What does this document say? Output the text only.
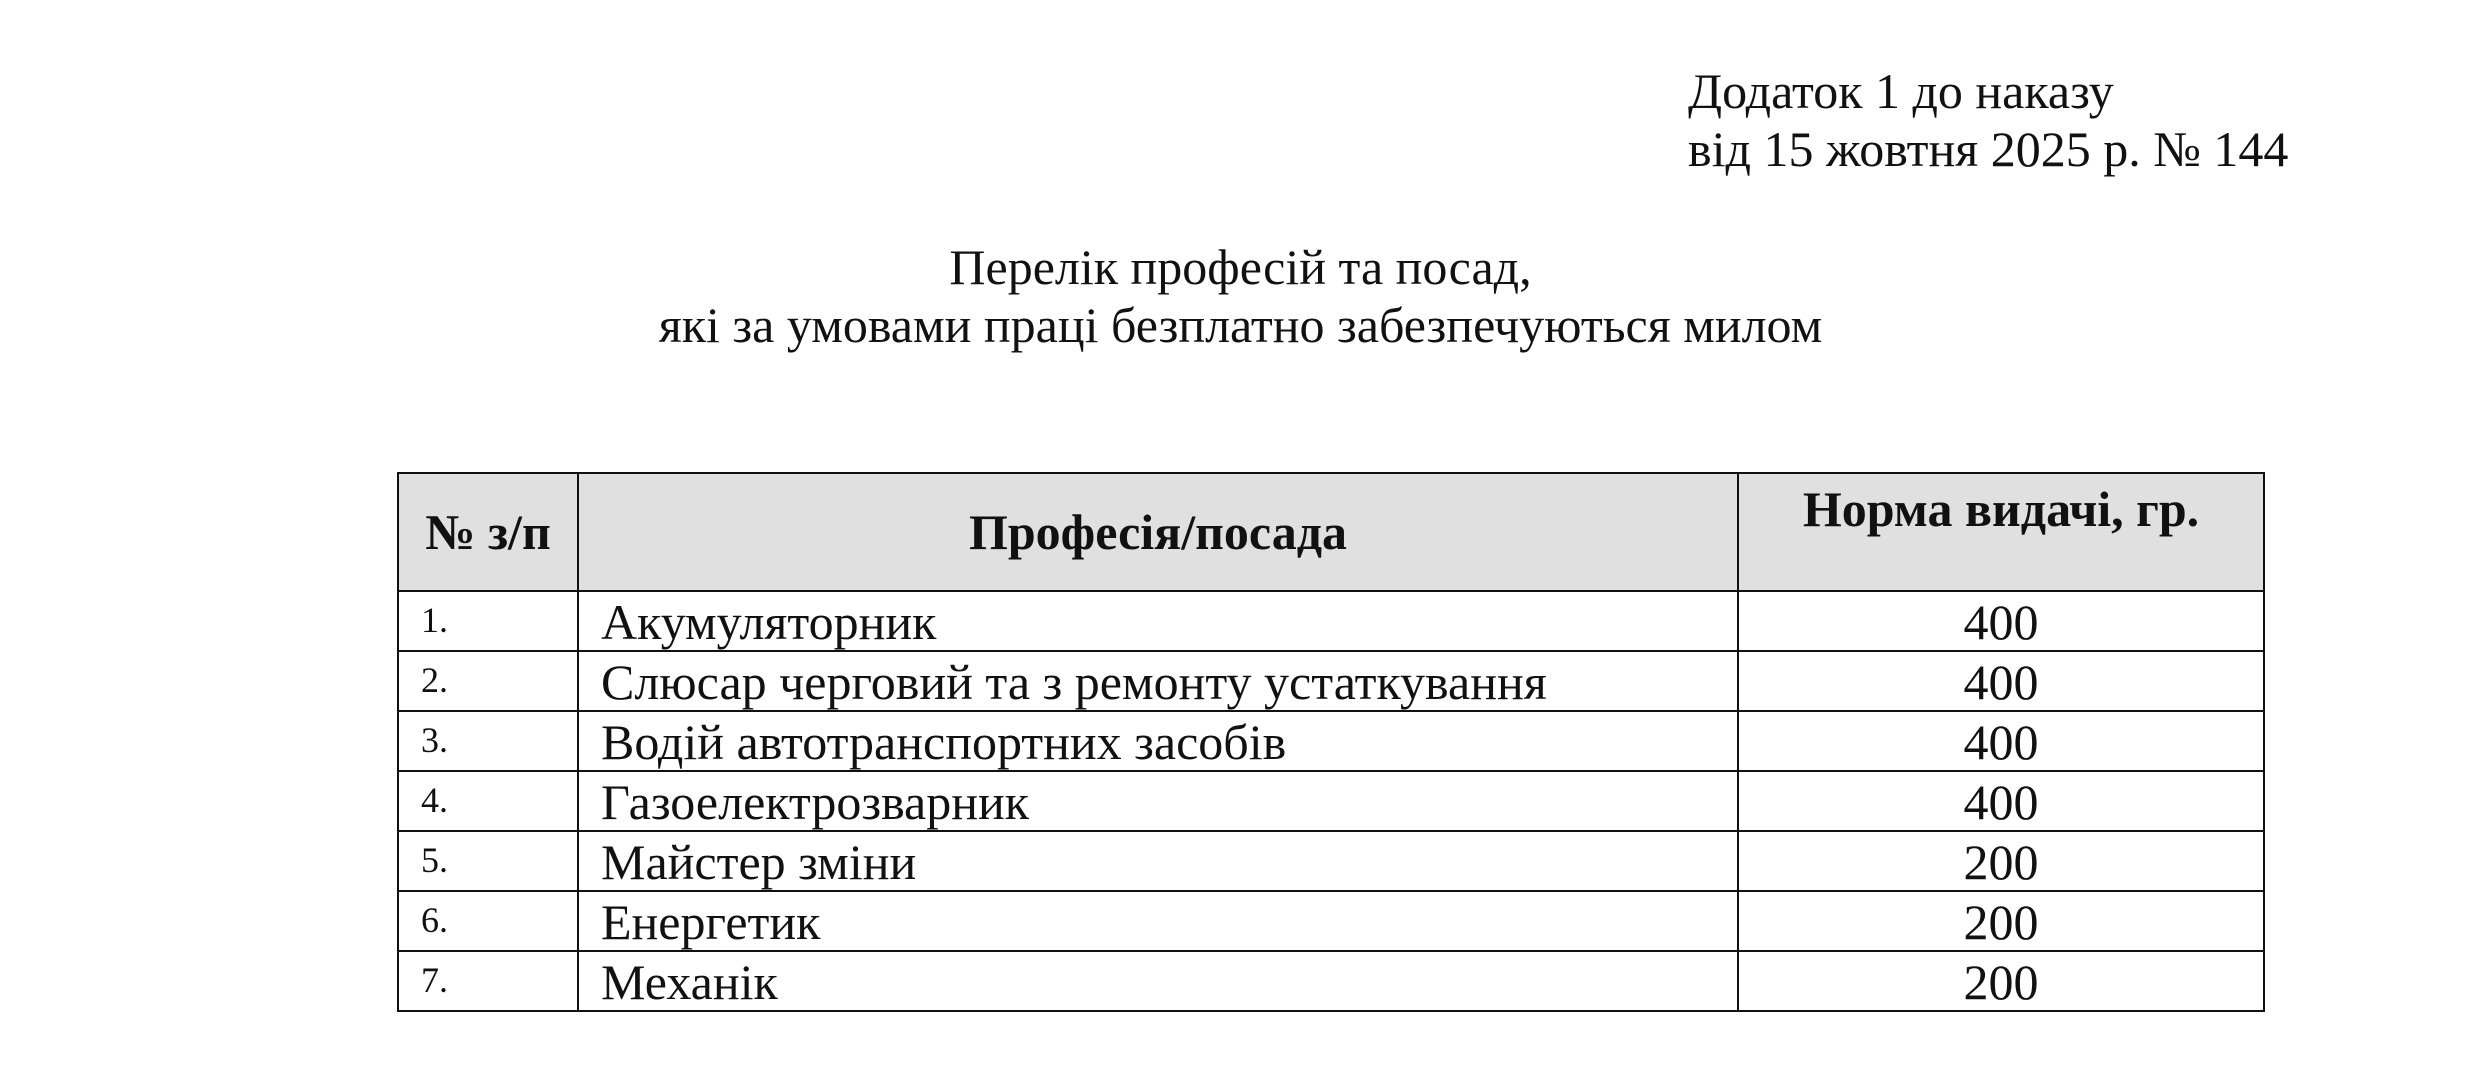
Додаток 1 до наказу
від 15 жовтня 2025 р. № 144
Перелік професій та посад,
які за умовами праці безплатно забезпечуються милом
№ з/п	Професія/посада	Норма видачі, гр.
1.	Акумуляторник	400
2.	Слюсар черговий та з ремонту устаткування	400
3.	Водій автотранспортних засобів	400
4.	Газоелектрозварник	400
5.	Майстер зміни	200
6.	Енергетик	200
7.	Механік	200
